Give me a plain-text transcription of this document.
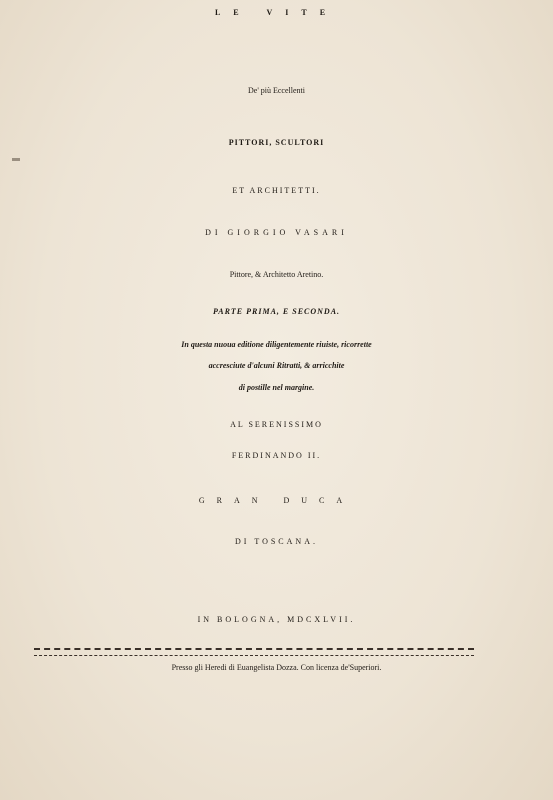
LE VITE
De' più Eccellenti
PITTORI, SCULTORI
ET ARCHITETTI.
DI GIORGIO VASARI
Pittore, & Architetto Aretino.
PARTE PRIMA, E SECONDA.
In questa nuoua editione diligentemente riuiste, ricorrette
accresciute d'alcuni Ritratti, & arricchite
di postille nel margine.
AL SERENISSIMO
FERDINANDO II.
GRAN DUCA
DI TOSCANA.
IN BOLOGNA, MDCXLVII.
Presso gli Heredi di Euangelista Dozza. Con licenza de'Superiori.
